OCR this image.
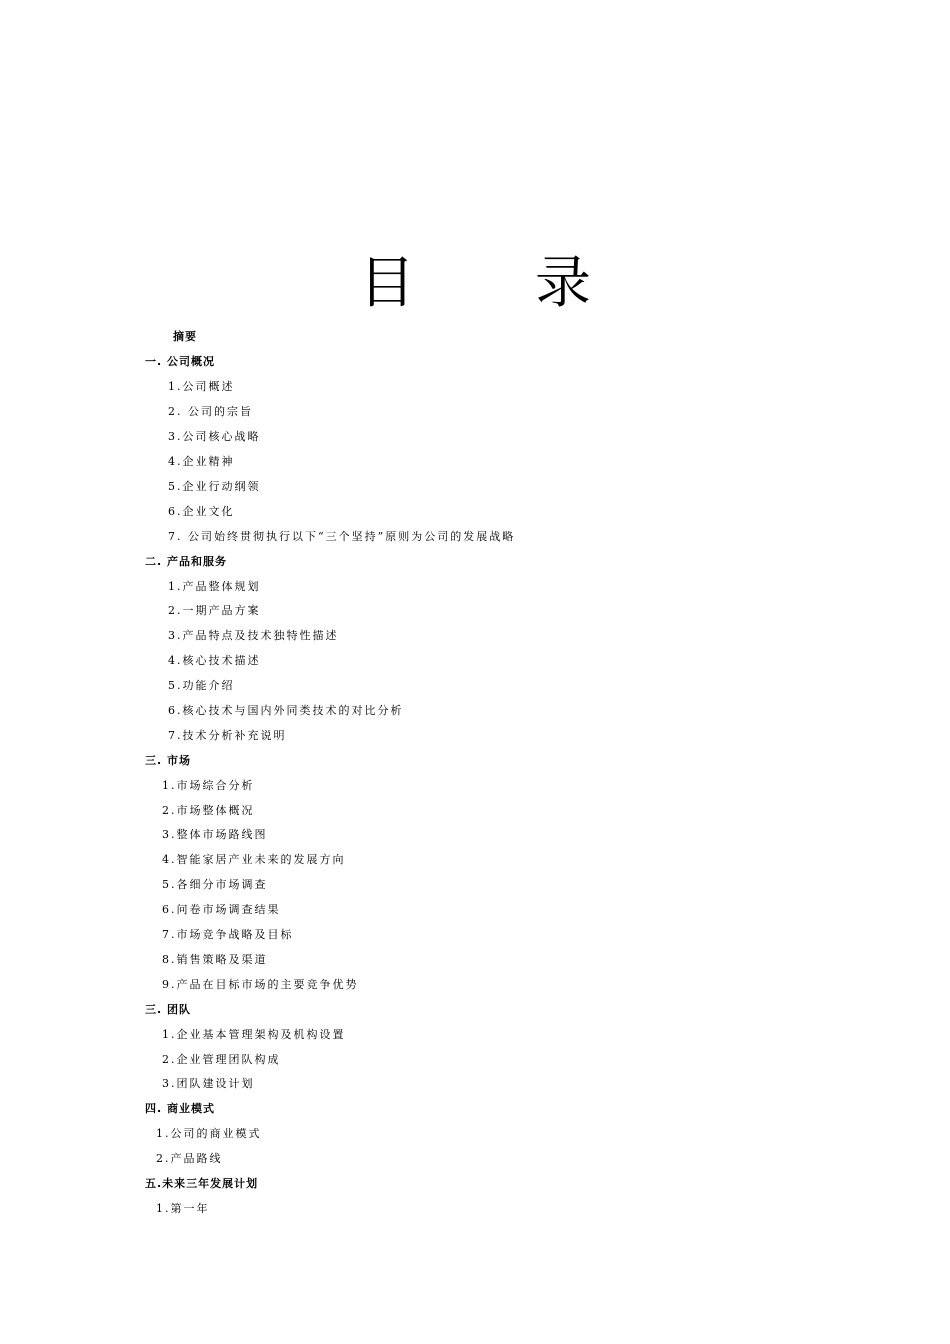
目 录
摘要
一. 公司概况
1.公司概述
2. 公司的宗旨
3.公司核心战略
4.企业精神
5.企业行动纲领
6.企业文化
7. 公司始终贯彻执行以下“三个坚持”原则为公司的发展战略
二. 产品和服务
1.产品整体规划
2.一期产品方案
3.产品特点及技术独特性描述
4.核心技术描述
5.功能介绍
6.核心技术与国内外同类技术的对比分析
7.技术分析补充说明
三. 市场
1.市场综合分析
2.市场整体概况
3.整体市场路线图
4.智能家居产业未来的发展方向
5.各细分市场调查
6.问卷市场调查结果
7.市场竞争战略及目标
8.销售策略及渠道
9.产品在目标市场的主要竞争优势
三. 团队
1.企业基本管理架构及机构设置
2.企业管理团队构成
3.团队建设计划
四. 商业模式
1.公司的商业模式
2.产品路线
五.未来三年发展计划
1.第一年
